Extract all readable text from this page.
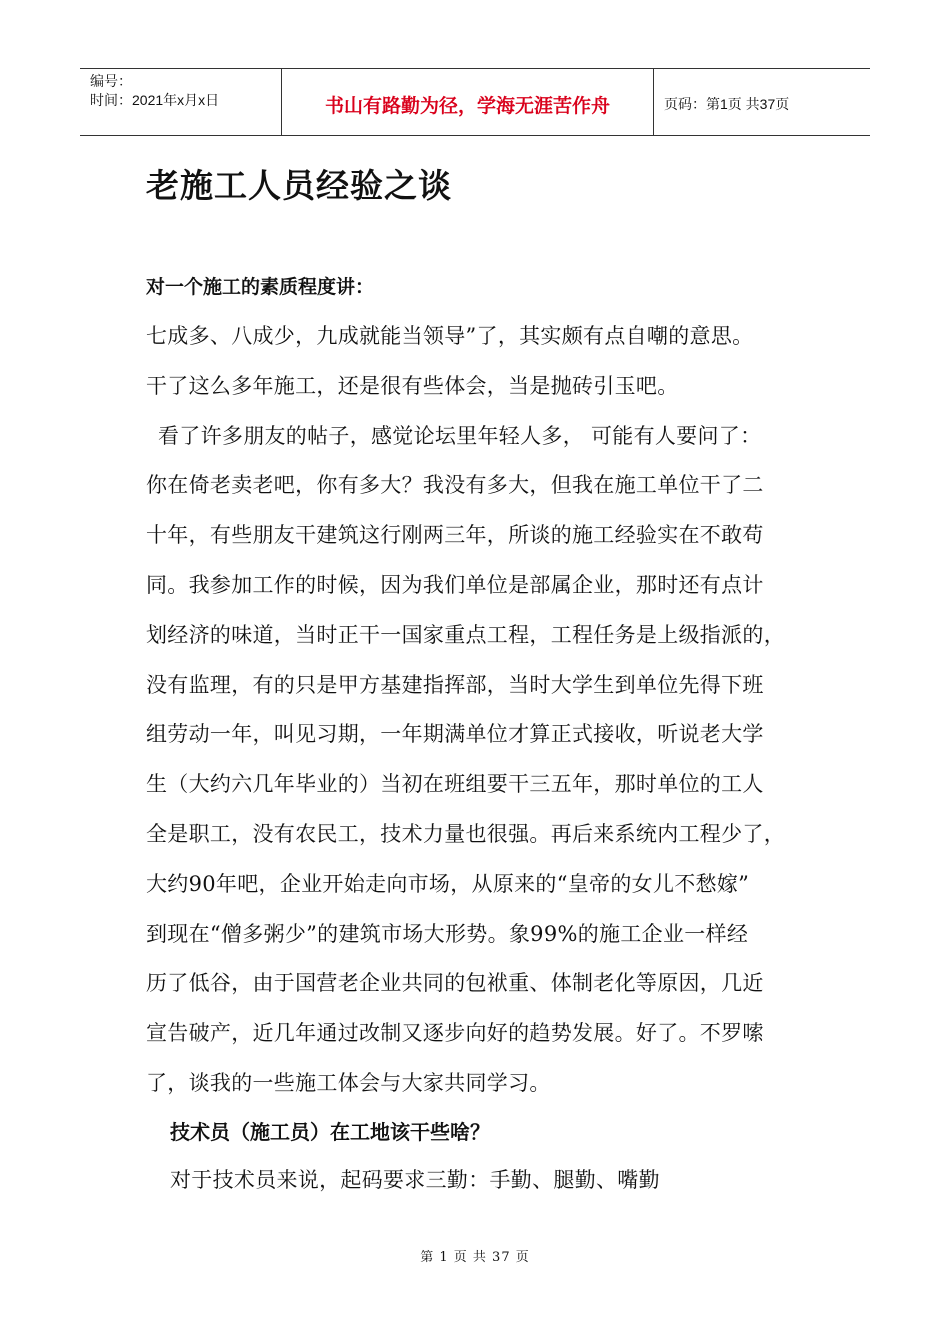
编号：
时间：2021年x月x日	书山有路勤为径，学海无涯苦作舟	页码：第1页 共37页
老施工人员经验之谈
对一个施工的素质程度讲：
七成多、八成少，九成就能当领导”了，其实颇有点自嘲的意思。
干了这么多年施工，还是很有些体会，当是抛砖引玉吧。
看了许多朋友的帖子，感觉论坛里年轻人多， 可能有人要问了：
你在倚老卖老吧，你有多大？我没有多大，但我在施工单位干了二
十年，有些朋友干建筑这行刚两三年，所谈的施工经验实在不敢苟
同。我参加工作的时候，因为我们单位是部属企业，那时还有点计
划经济的味道，当时正干一国家重点工程，工程任务是上级指派的，
没有监理，有的只是甲方基建指挥部，当时大学生到单位先得下班
组劳动一年，叫见习期，一年期满单位才算正式接收，听说老大学
生（大约六几年毕业的）当初在班组要干三五年，那时单位的工人
全是职工，没有农民工，技术力量也很强。再后来系统内工程少了，
大约90年吧，企业开始走向市场，从原来的“皇帝的女儿不愁嫁”
到现在“僧多粥少”的建筑市场大形势。象99%的施工企业一样经
历了低谷，由于国营老企业共同的包袱重、体制老化等原因，几近
宣告破产，近几年通过改制又逐步向好的趋势发展。好了。不罗嗦
了，谈我的一些施工体会与大家共同学习。
技术员（施工员）在工地该干些啥？

对于技术员来说，起码要求三勤：手勤、腿勤、嘴勤

第 1 页 共 37 页
